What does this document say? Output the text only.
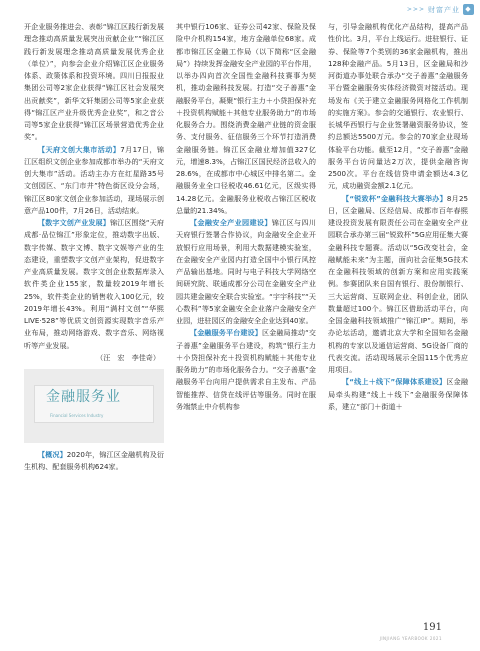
>>> 财富产业 ◆

开企业服务推进会、表彰“锦江区践行新发展理念推动高质量发展突出贡献企业”“锦江区践行新发展理念推动高质量发展优秀企业（单位）”，向参会企业介绍锦江区企业服务体系、政策体系和投资环境。四川日报报业集团公司等2家企业获得“锦江区社会发展突出贡献奖”，新华文轩集团公司等5家企业获得“锦江区产业升级优秀企业奖”，和之音公司等5家企业获得“锦江区场景营造优秀企业奖”。

【天府文创大集市活动】7月17日，锦江区组织文创企业参加成都市举办的“天府文创大集市”活动。活动主办方在红星路35号文创园区、“东门市井”特色街区设分会场，锦江区80家文创企业参加活动，现场展示创意产品100件，7月26日，活动结束。

【数字文创产业发展】锦江区围绕“天府成都·品位锦江”形象定位，推动数字出版、数字传媒、数字文博、数字文娱等产业的生态建设，重塑数字文创产业架构，促进数字产业高质量发展。数字文创企业数据库录入软件类企业155家，数量较2019年增长25%，软件类企业的销售收入100亿元，较2019年增长43%。利用“满村文创”“华熙LIVE·528”等优质文创资源实现数字音乐产业布局，推动网络游戏、数字音乐、网络视听等产业发展。

（汪　宏　李佳奇）

金融服务业
Financial Services Industry

【概况】2020年，锦江区金融机构及衍生机构、配套服务机构624家。

其中银行106家、证券公司42家、保险及保险中介机构154家，地方金融单位68家。成都市锦江区金融工作局（以下简称“区金融局”）持续发挥金融安全产业园的平台作用，以举办四向首次全国性金融科技赛事为契机，推动金融科技发展。打造“交子善惠”金融服务平台，凝聚“银行主力＋小贷担保补充＋投资机构赋能＋其他专业服务助力”的市场化服务合力。围绕消费金融产业链的资金服务、支付服务、征信服务三个环节打造消费金融服务链。锦江区金融业增加值327亿元，增速8.3%，占锦江区国民经济总收入的28.6%，在成都市中心城区中排名第二。金融服务业全口径税收46.61亿元，区级实得14.28亿元。金融服务业税收占锦江区税收总量的21.34%。

【金融安全产业园建设】锦江区与四川天府银行签署合作协议，向金融安全企业开放银行应用场景，利用大数据建模实验室，在金融安全产业园内打造全国中小银行风控产品输出基地。同时与电子科技大学网络空间研究院、联通成都分公司在金融安全产业园共建金融安全联合实验室。“宇宇科技”“天心数科”等5家金融安全企业落户金融安全产业园，进驻园区的金融安全企业达到40家。

【金融服务平台建设】区金融局推动“交子善惠”金融服务平台建设，构筑“银行主力＋小贷担保补充＋投资机构赋能＋其他专业服务助力”的市场化服务合力。“交子善惠”金融服务平台向用户提供需求自主发布、产品智能推荐、信贷在线评估等服务。同时在服务端禁止中介机构参

与，引导金融机构优化产品结构，提高产品性价比。3月，平台上线运行。进驻银行、证券、保险等7个类别的36家金融机构，推出128种金融产品。5月13日，区金融局和沙河街道办事处联合承办“交子善惠”金融服务平台暨金融服务实体经济微资对接活动。现场发布《关于建立金融服务网格化工作机制的实施方案》。参会的交通银行、农业银行、长城华西银行与企业签署融资服务协议，签约总额达5500万元。参会的70家企业现场体验平台功能。截至12月，“交子善惠”金融服务平台访问量达2万次，提供金融咨询2500次。平台在线信贷申请金额达4.3亿元，成功融资金额2.1亿元。

【“锐致杯”金融科技大赛举办】8月25日，区金融局、区经信局、成都市百年春熙建设投资发展有限责任公司在金融安全产业园联合承办第三届“锐致杯”5G应用征集大赛金融科技专题赛。活动以“5G改变社会，金融赋能未来”为主题，面向社会征集5G技术在金融科技领域的创新方案和应用实践案例。参赛团队来自国有银行、股份制银行、三大运营商、互联网企业、科创企业，团队数量超过100个。锦江区借助活动平台，向全国金融科技领域推广“锦江IP”。期间，举办论坛活动，邀请北京大学和全国知名金融机构的专家以及通信运营商、5G设备厂商的代表交流。活动现场展示全国115个优秀应用项目。

【“线上＋线下”保障体系建设】区金融局牵头构建“线上＋线下”金融服务保障体系，建立“部门＋街道＋

191
JINJIANG YEARBOOK 2021
